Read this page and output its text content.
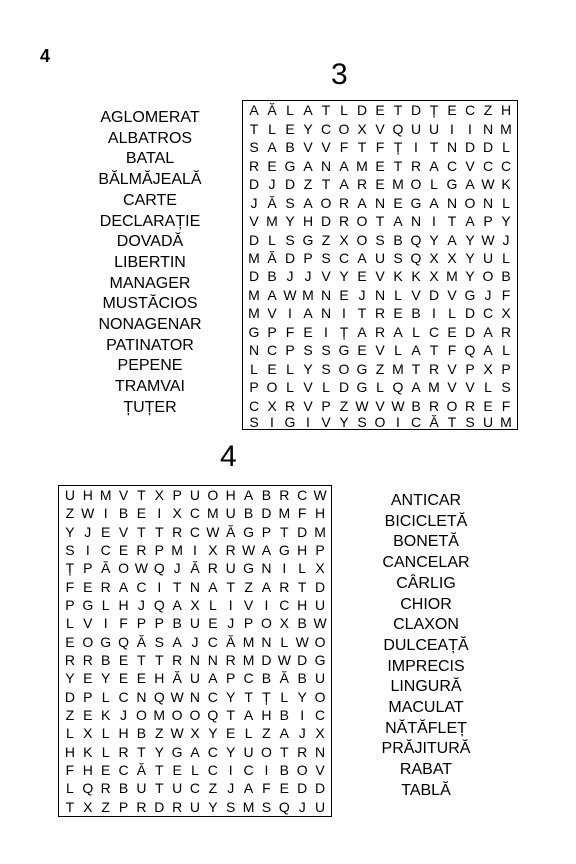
4
3
AGLOMERAT
ALBATROS
BATAL
BĂLMĂJEALĂ
CARTE
DECLARAȚIE
DOVADĂ
LIBERTIN
MANAGER
MUSTĂCIOS
NONAGENAR
PATINATOR
PEPENE
TRAMVAI
ȚUȚER
A Ă L A T L D E T D Ț E C Z H
T L E Y C O X V Q U U I	I N M
S A B V V F T F Ț I T N D D L
R E G A N A M E T R A C V C C
D J D Z T A R E M O L G A W K
J Ă S A O R A N E G A N O N L
V M Y H D R O T A N I T A P Y
D L S G Z X O S B Q Y A Y W J
M Ă D P S C A U S Q X X Y U L
D B J J V Y E V K K X M Y O B
M A W M N E J N L V D V G J F
M V I A N I T R E B I L D C X
G P F E I Ț A R A L C E D A R
N C P S S G E V L A T F Q A L
L E L Y S O G Z M T R V P X P
P O L V L D G L Q A M V V L S
C X R V P Z W V W B R O R E F
S I G I V Y S O I C Ă T S U M
4
U H M V T X P U O H A B R C W
Z W I B E I X C M U B D M F H
Y J E V T T R C W Ă G P T D M
S I C E R P M I X R W A G H P
Ț P Ă O W Q J Ă R U G N I L X
F E R A C I T N A T Z A R T D
P G L H J Q A X L I V I C H U
L V I F P P B U E J P O X B W
E O G Q Ă S A J C Ă M N L W O
R R B E T T R N N R M D W D G
Y E Y E E H Ă U A P C B Ă B U
D P L C N Q W N C Y T Ț L Y O
Z E K J O M O O Q T A H B I C
L X L H B Z W X Y E L Z A J X
H K L R T Y G A C Y U O T R N
F H E C Ă T E L C I C I B O V
L Q R B U T U C Z J A F E D D
T X Z P R D R U Y S M S Q J U
ANTICAR
BICICLETĂ
BONETĂ
CANCELAR
CÂRLIG
CHIOR
CLAXON
DULCEAȚĂ
IMPRECIS
LINGURĂ
MACULAT
NĂTĂFLEȚ
PRĂJITURĂ
RABAT
TABLĂ
